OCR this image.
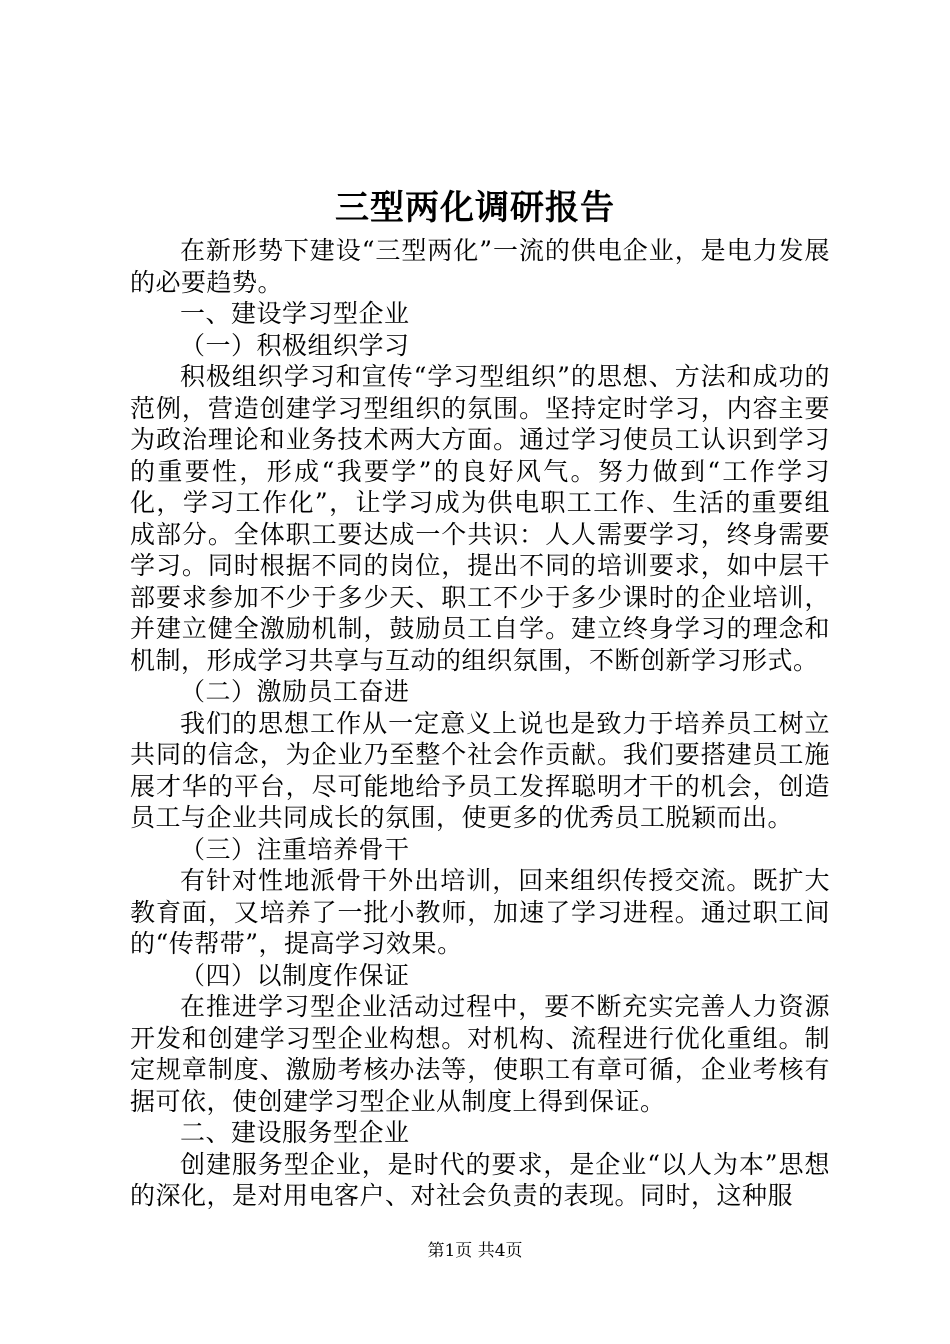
三型两化调研报告

在新形势下建设“三型两化”一流的供电企业，是电力发展的必要趋势。

一、建设学习型企业

（一）积极组织学习

积极组织学习和宣传“学习型组织”的思想、方法和成功的范例，营造创建学习型组织的氛围。坚持定时学习，内容主要为政治理论和业务技术两大方面。通过学习使员工认识到学习的重要性，形成“我要学”的良好风气。努力做到“工作学习化，学习工作化”，让学习成为供电职工工作、生活的重要组成部分。全体职工要达成一个共识：人人需要学习，终身需要学习。同时根据不同的岗位，提出不同的培训要求，如中层干部要求参加不少于多少天、职工不少于多少课时的企业培训，并建立健全激励机制，鼓励员工自学。建立终身学习的理念和机制，形成学习共享与互动的组织氛围，不断创新学习形式。

（二）激励员工奋进

我们的思想工作从一定意义上说也是致力于培养员工树立共同的信念，为企业乃至整个社会作贡献。我们要搭建员工施展才华的平台，尽可能地给予员工发挥聪明才干的机会，创造员工与企业共同成长的氛围，使更多的优秀员工脱颖而出。

（三）注重培养骨干

有针对性地派骨干外出培训，回来组织传授交流。既扩大教育面，又培养了一批小教师，加速了学习进程。通过职工间的“传帮带”，提高学习效果。

（四）以制度作保证

在推进学习型企业活动过程中，要不断充实完善人力资源开发和创建学习型企业构想。对机构、流程进行优化重组。制定规章制度、激励考核办法等，使职工有章可循，企业考核有据可依，使创建学习型企业从制度上得到保证。

二、建设服务型企业

创建服务型企业，是时代的要求，是企业“以人为本”思想的深化，是对用电客户、对社会负责的表现。同时，这种服

第1页 共4页
